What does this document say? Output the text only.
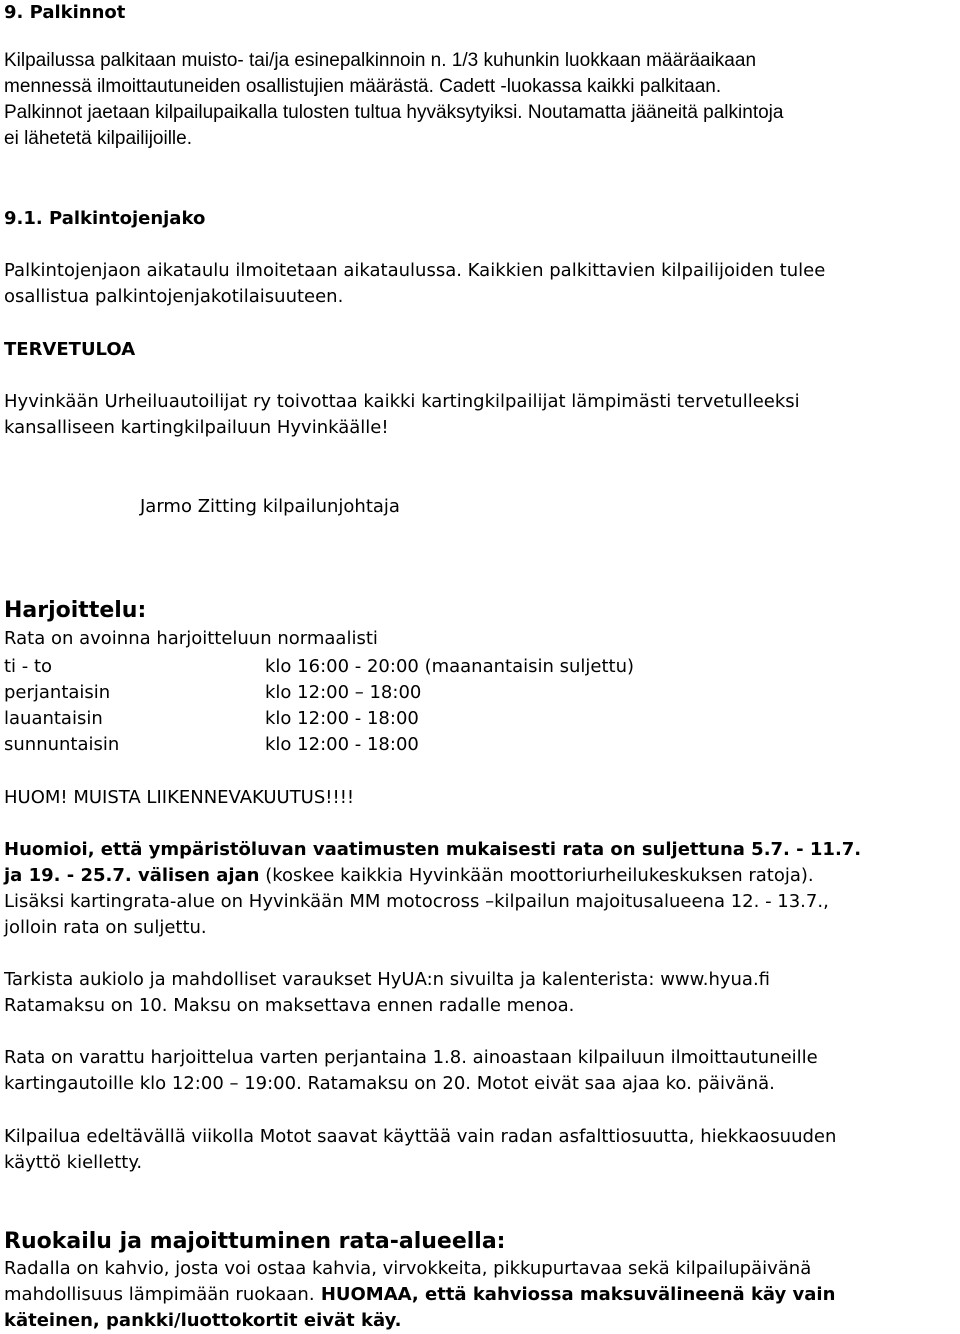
9. Palkinnot
Kilpailussa palkitaan muisto- tai/ja esinepalkinnoin n. 1/3 kuhunkin luokkaan määräaikaan
mennessä ilmoittautuneiden osallistujien määrästä. Cadett -luokassa kaikki palkitaan.
Palkinnot jaetaan kilpailupaikalla tulosten tultua hyväksytyiksi. Noutamatta jääneitä palkintoja
ei lähetetä kilpailijoille.
9.1. Palkintojenjako
Palkintojenjaon aikataulu ilmoitetaan aikataulussa. Kaikkien palkittavien kilpailijoiden tulee
osallistua palkintojenjakotilaisuuteen.
TERVETULOA
Hyvinkään Urheiluautoilijat ry toivottaa kaikki kartingkilpailijat lämpimästi tervetulleeksi
kansalliseen kartingkilpailuun Hyvinkäälle!
Jarmo Zitting kilpailunjohtaja
Harjoittelu:
Rata on avoinna harjoitteluun normaalisti
ti - to	klo 16:00 - 20:00 (maanantaisin suljettu)
perjantaisin	klo 12:00 – 18:00
lauantaisin	klo 12:00 - 18:00
sunnuntaisin	klo 12:00 - 18:00
HUOM! MUISTA LIIKENNEVAKUUTUS!!!!
Huomioi, että ympäristöluvan vaatimusten mukaisesti rata on suljettuna 5.7. - 11.7.
ja 19. - 25.7. välisen ajan (koskee kaikkia Hyvinkään moottoriurheilukeskuksen ratoja).
Lisäksi kartingrata-alue on Hyvinkään MM motocross –kilpailun majoitusalueena 12. - 13.7.,
jolloin rata on suljettu.
Tarkista aukiolo ja mahdolliset varaukset HyUA:n sivuilta ja kalenterista: www.hyua.fi
Ratamaksu on 10. Maksu on maksettava ennen radalle menoa.
Rata on varattu harjoittelua varten perjantaina 1.8. ainoastaan kilpailuun ilmoittautuneille
kartingautoille klo 12:00 – 19:00. Ratamaksu on 20. Motot eivät saa ajaa ko. päivänä.
Kilpailua edeltävällä viikolla Motot saavat käyttää vain radan asfalttiosuutta, hiekkaosuuden
käyttö kielletty.
Ruokailu ja majoittuminen rata-alueella:
Radalla on kahvio, josta voi ostaa kahvia, virvokkeita, pikkupurtavaa sekä kilpailupäivänä
mahdollisuus lämpimään ruokaan. HUOMAA, että kahviossa maksuvälineenä käy vain
käteinen, pankki/luottokortit eivät käy.
